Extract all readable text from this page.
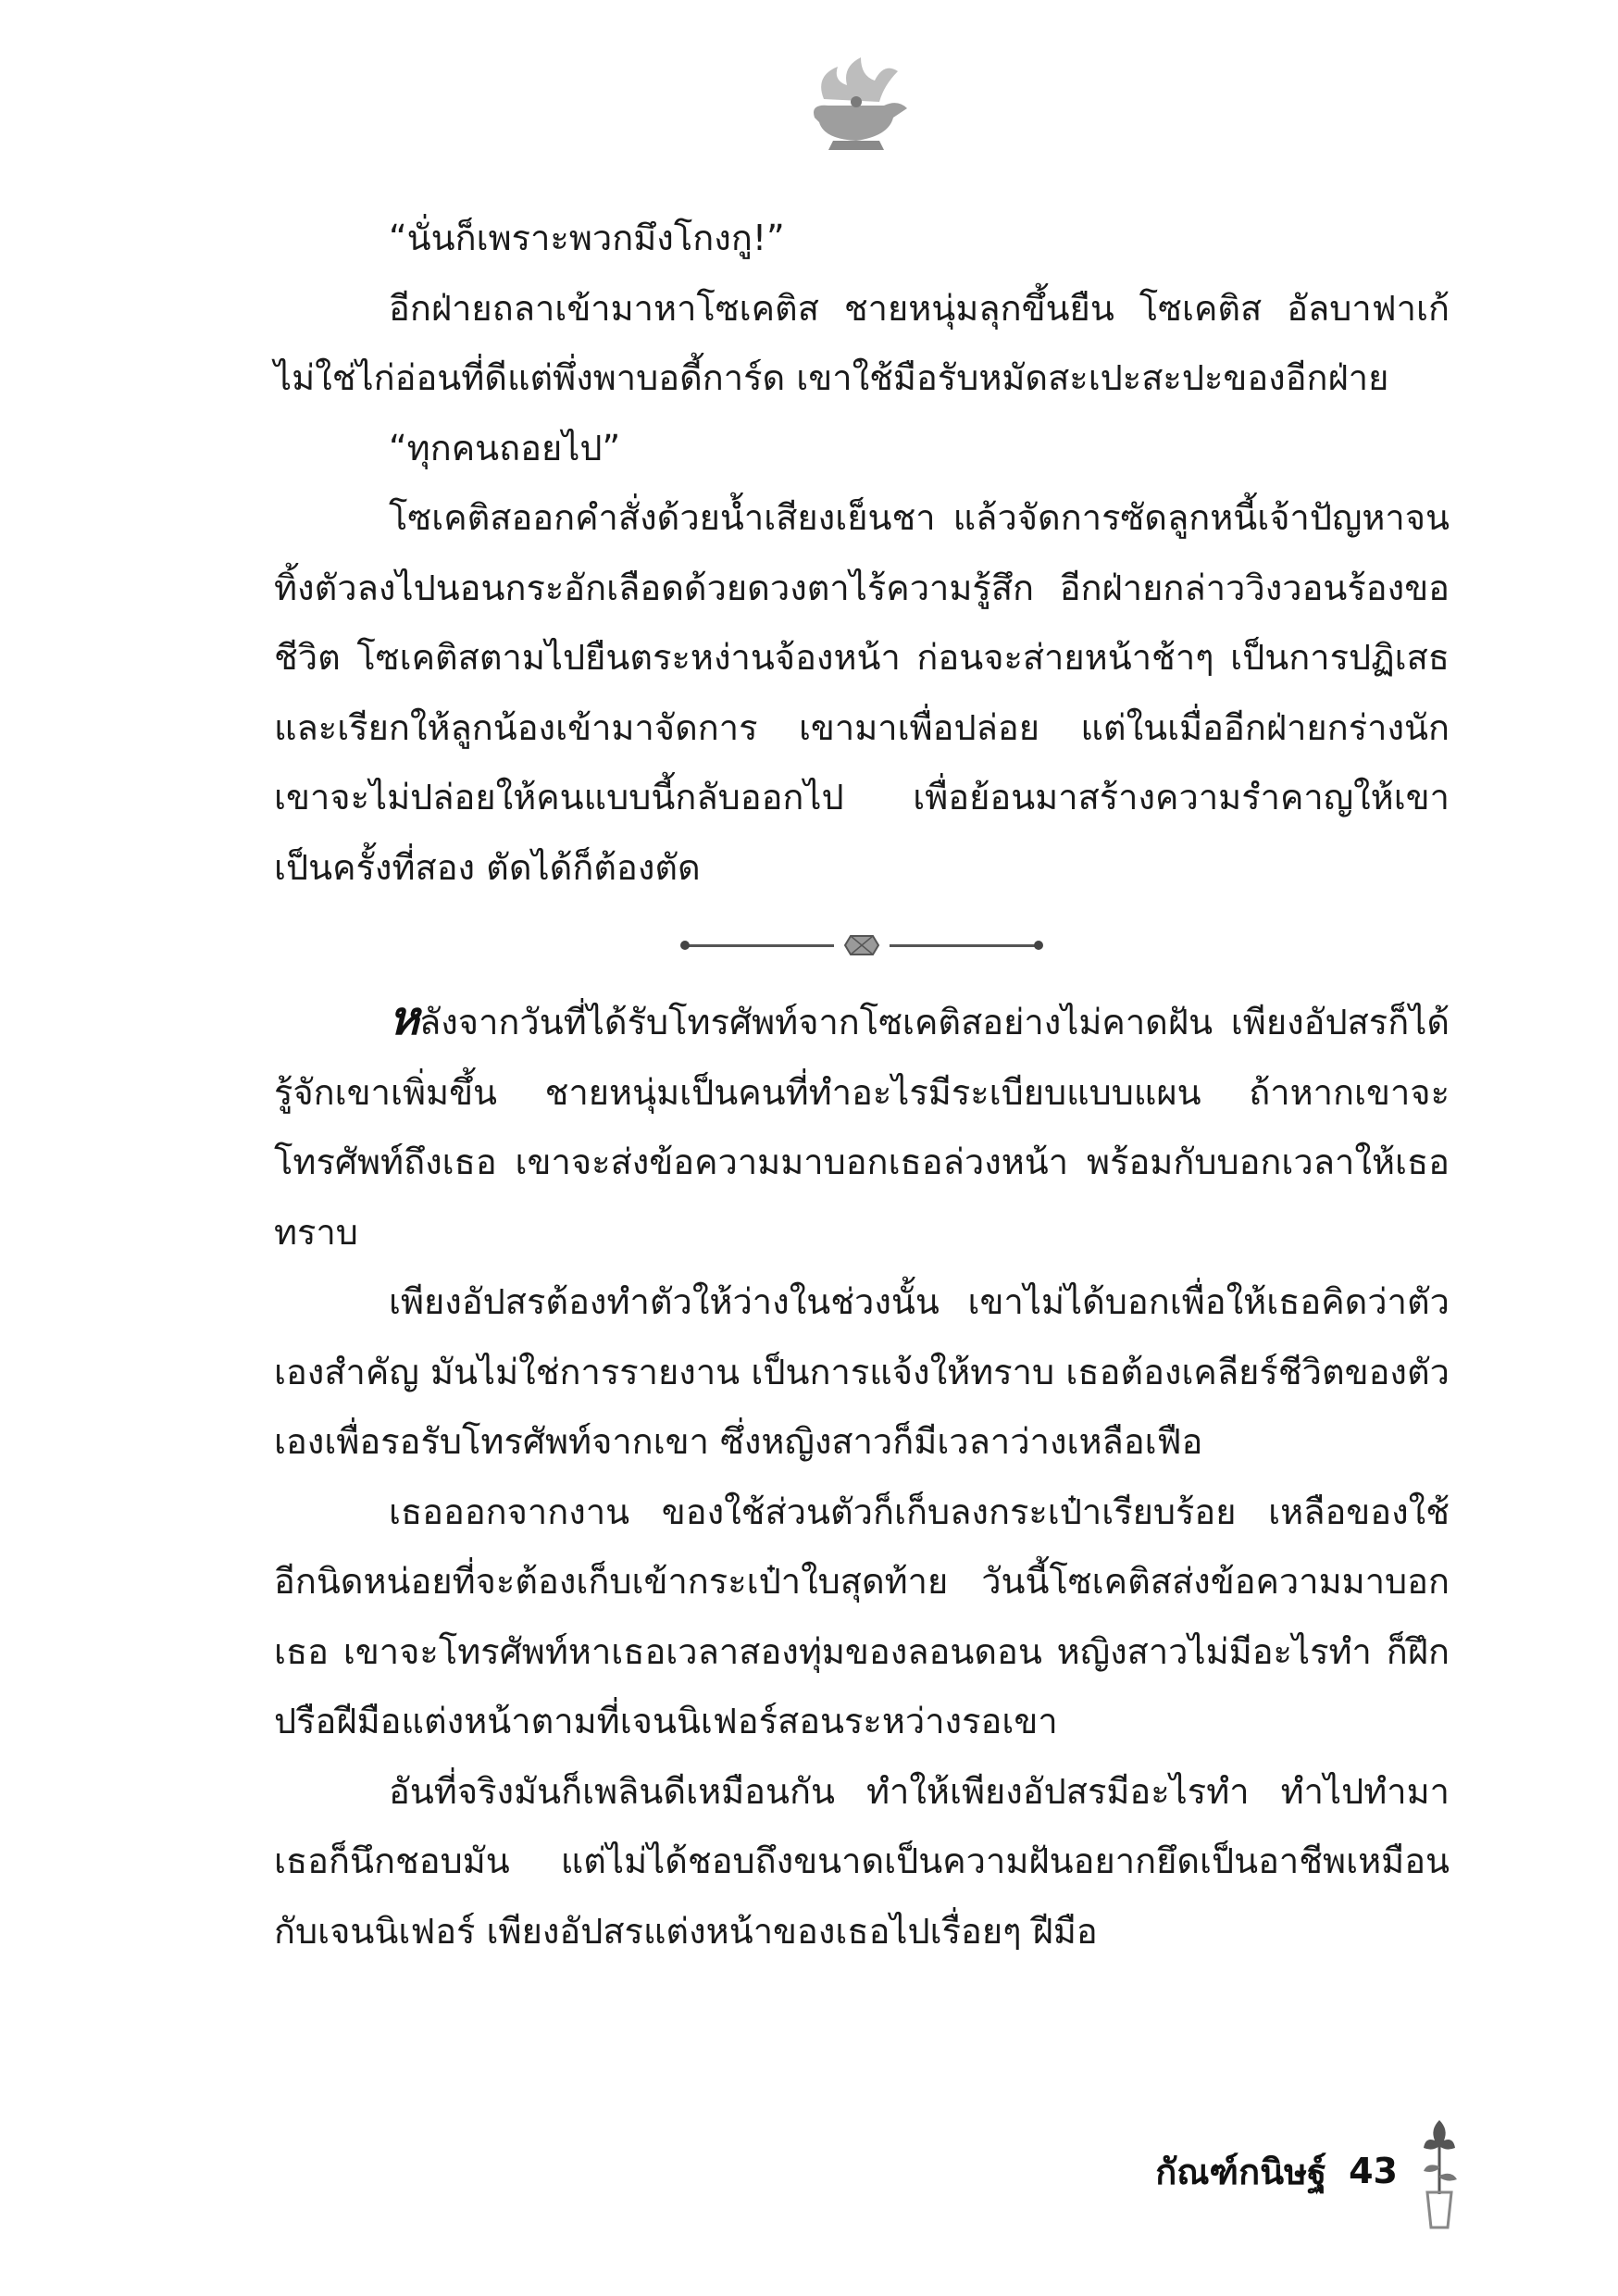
“นั่นก็เพราะพวกมึงโกงกู!”

อีกฝ่ายถลาเข้ามาหาโซเคติส ชายหนุ่มลุกขึ้นยืน โซเคติส อัลบาฟาเก้ ไม่ใช่ไก่อ่อนที่ดีแต่พึ่งพาบอดี้การ์ด เขาใช้มือรับหมัดสะเปะสะปะของอีกฝ่าย

“ทุกคนถอยไป”

โซเคติสออกคำสั่งด้วยน้ำเสียงเย็นชา แล้วจัดการซัดลูกหนี้เจ้าปัญหาจนทิ้งตัวลงไปนอนกระอักเลือดด้วยดวงตาไร้ความรู้สึก อีกฝ่ายกล่าววิงวอนร้องขอชีวิต โซเคติสตามไปยืนตระหง่านจ้องหน้า ก่อนจะส่ายหน้าช้าๆ เป็นการปฏิเสธและเรียกให้ลูกน้องเข้ามาจัดการ เขามาเพื่อปล่อย แต่ในเมื่ออีกฝ่ายกร่างนัก เขาจะไม่ปล่อยให้คนแบบนี้กลับออกไป เพื่อย้อนมาสร้างความรำคาญให้เขาเป็นครั้งที่สอง ตัดได้ก็ต้องตัด

หลังจากวันที่ได้รับโทรศัพท์จากโซเคติสอย่างไม่คาดฝัน เพียงอัปสรก็ได้รู้จักเขาเพิ่มขึ้น ชายหนุ่มเป็นคนที่ทำอะไรมีระเบียบแบบแผน ถ้าหากเขาจะโทรศัพท์ถึงเธอ เขาจะส่งข้อความมาบอกเธอล่วงหน้า พร้อมกับบอกเวลาให้เธอทราบ

เพียงอัปสรต้องทำตัวให้ว่างในช่วงนั้น เขาไม่ได้บอกเพื่อให้เธอคิดว่าตัวเองสำคัญ มันไม่ใช่การรายงาน เป็นการแจ้งให้ทราบ เธอต้องเคลียร์ชีวิตของตัวเองเพื่อรอรับโทรศัพท์จากเขา ซึ่งหญิงสาวก็มีเวลาว่างเหลือเฟือ

เธอออกจากงาน ของใช้ส่วนตัวก็เก็บลงกระเป๋าเรียบร้อย เหลือของใช้อีกนิดหน่อยที่จะต้องเก็บเข้ากระเป๋าใบสุดท้าย วันนี้โซเคติสส่งข้อความมาบอกเธอ เขาจะโทรศัพท์หาเธอเวลาสองทุ่มของลอนดอน หญิงสาวไม่มีอะไรทำ ก็ฝึกปรือฝีมือแต่งหน้าตามที่เจนนิเฟอร์สอนระหว่างรอเขา

อันที่จริงมันก็เพลินดีเหมือนกัน ทำให้เพียงอัปสรมีอะไรทำ ทำไปทำมาเธอก็นึกชอบมัน แต่ไม่ได้ชอบถึงขนาดเป็นความฝันอยากยึดเป็นอาชีพเหมือนกับเจนนิเฟอร์ เพียงอัปสรแต่งหน้าของเธอไปเรื่อยๆ ฝีมือ

กัณฑ์กนิษฐ์ 43
